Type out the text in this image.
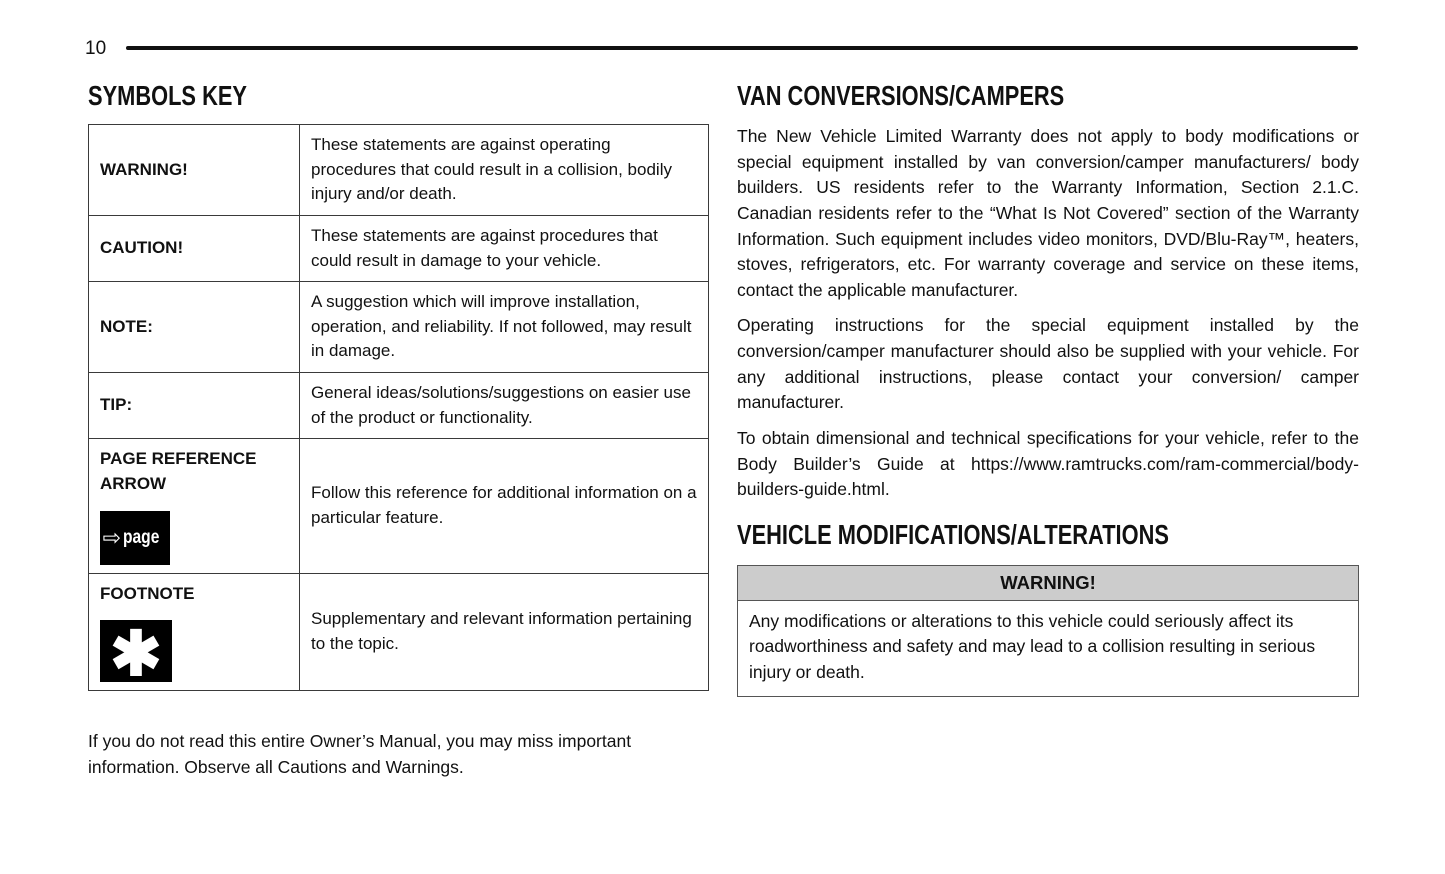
10
SYMBOLS KEY
WARNING!	These statements are against operating procedures that could result in a collision, bodily injury and/or death.
CAUTION!	These statements are against procedures that could result in damage to your vehicle.
NOTE:	A suggestion which will improve installation, operation, and reliability. If not followed, may result in damage.
TIP:	General ideas/solutions/suggestions on easier use of the product or functionality.
PAGE REFERENCE ARROW
⇨ page	Follow this reference for additional information on a particular feature.
FOOTNOTE
✱	Supplementary and relevant information pertaining to the topic.

If you do not read this entire Owner’s Manual, you may miss important information. Observe all Cautions and Warnings.

VAN CONVERSIONS/CAMPERS

The New Vehicle Limited Warranty does not apply to body modifications or special equipment installed by van conversion/camper manufacturers/ body builders. US residents refer to the Warranty Information, Section 2.1.C. Canadian residents refer to the “What Is Not Covered” section of the Warranty Information. Such equipment includes video monitors, DVD/Blu-Ray™, heaters, stoves, refrigerators, etc. For warranty coverage and service on these items, contact the applicable manufacturer.

Operating instructions for the special equipment installed by the conversion/camper manufacturer should also be supplied with your vehicle. For any additional instructions, please contact your conversion/ camper manufacturer.

To obtain dimensional and technical specifications for your vehicle, refer to the Body Builder’s Guide at https://www.ramtrucks.com/ram-commercial/body-builders-guide.html.

VEHICLE MODIFICATIONS/ALTERATIONS
WARNING!
Any modifications or alterations to this vehicle could seriously affect its roadworthiness and safety and may lead to a collision resulting in serious injury or death.
